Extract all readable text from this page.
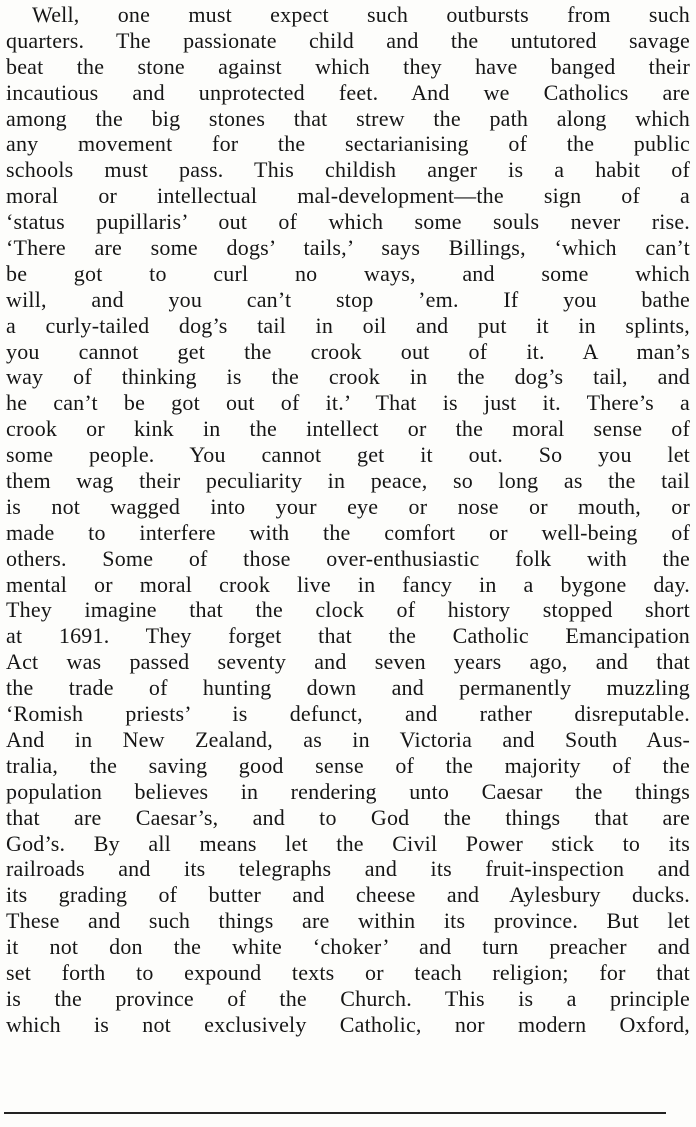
Well, one must expect such outbursts from such
quarters. The passionate child and the untutored savage
beat the stone against which they have banged their
incautious and unprotected feet. And we Catholics are
among the big stones that strew the path along which
any movement for the sectarianising of the public
schools must pass. This childish anger is a habit of
moral or intellectual mal-development—the sign of a
‘status pupillaris’ out of which some souls never rise.
‘There are some dogs’ tails,’ says Billings, ‘which can’t
be got to curl no ways, and some which
will, and you can’t stop ’em. If you bathe
a curly-tailed dog’s tail in oil and put it in splints,
you cannot get the crook out of it. A man’s
way of thinking is the crook in the dog’s tail, and
he can’t be got out of it.’ That is just it. There’s a
crook or kink in the intellect or the moral sense of
some people. You cannot get it out. So you let
them wag their peculiarity in peace, so long as the tail
is not wagged into your eye or nose or mouth, or
made to interfere with the comfort or well-being of
others. Some of those over-enthusiastic folk with the
mental or moral crook live in fancy in a bygone day.
They imagine that the clock of history stopped short
at 1691. They forget that the Catholic Emancipation
Act was passed seventy and seven years ago, and that
the trade of hunting down and permanently muzzling
‘Romish priests’ is defunct, and rather disreputable.
And in New Zealand, as in Victoria and South Aus-
tralia, the saving good sense of the majority of the
population believes in rendering unto Caesar the things
that are Caesar’s, and to God the things that are
God’s. By all means let the Civil Power stick to its
railroads and its telegraphs and its fruit-inspection and
its grading of butter and cheese and Aylesbury ducks.
These and such things are within its province. But let
it not don the white ‘choker’ and turn preacher and
set forth to expound texts or teach religion; for that
is the province of the Church. This is a principle
which is not exclusively Catholic, nor modern Oxford,
